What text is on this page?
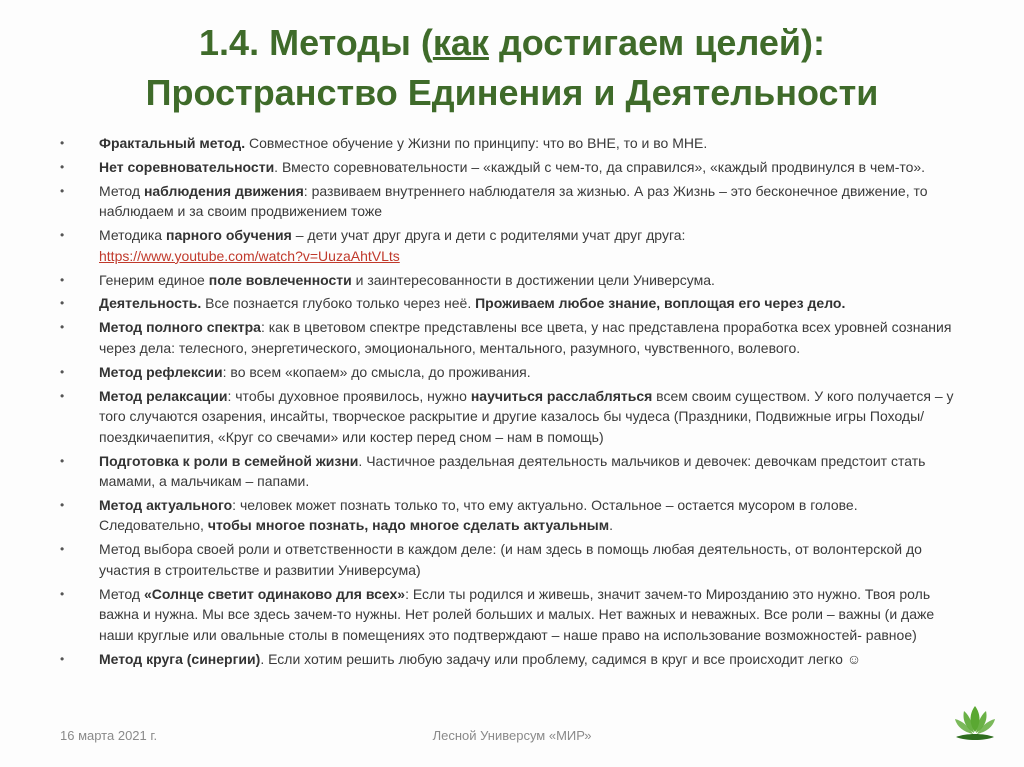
1.4. Методы (как достигаем целей):
Пространство Единения и Деятельности
• Фрактальный метод. Совместное обучение у Жизни по принципу: что во ВНЕ, то и во МНЕ.
• Нет соревновательности. Вместо соревновательности – «каждый с чем-то, да справился», «каждый продвинулся в чем-то».
• Метод наблюдения движения: развиваем внутреннего наблюдателя за жизнью. А раз Жизнь – это бесконечное движение, то наблюдаем и за своим продвижением тоже
• Методика парного обучения – дети учат друг друга и дети с родителями учат друг друга:
https://www.youtube.com/watch?v=UuzaAhtVLts
• Генерим единое поле вовлеченности и заинтересованности в достижении цели Универсума.
• Деятельность. Все познается глубоко только через неё. Проживаем любое знание, воплощая его через дело.
• Метод полного спектра: как в цветовом спектре представлены все цвета, у нас представлена проработка всех уровней сознания через дела: телесного, энергетического, эмоционального, ментального, разумного, чувственного, волевого.
• Метод рефлексии: во всем «копаем» до смысла, до проживания.
• Метод релаксации: чтобы духовное проявилось, нужно научиться расслабляться всем своим существом. У кого получается – у того случаются озарения, инсайты, творческое раскрытие и другие казалось бы чудеса (Праздники, Подвижные игры Походы/поездкичаепития, «Круг со свечами» или костер перед сном – нам в помощь)
• Подготовка к роли в семейной жизни. Частичное раздельная деятельность мальчиков и девочек: девочкам предстоит стать мамами, а мальчикам – папами.
• Метод актуального: человек может познать только то, что ему актуально. Остальное – остается мусором в голове. Следовательно, чтобы многое познать, надо многое сделать актуальным.
• Метод выбора своей роли и ответственности в каждом деле: (и нам здесь в помощь любая деятельность, от волонтерской до участия в строительстве и развитии Универсума)
• Метод «Солнце светит одинаково для всех»: Если ты родился и живешь, значит зачем-то Мирозданию это нужно. Твоя роль важна и нужна. Мы все здесь зачем-то нужны. Нет ролей больших и малых. Нет важных и неважных. Все роли – важны (и даже наши круглые или овальные столы в помещениях это подтверждают – наше право на использование возможностей- равное)
• Метод круга (синергии). Если хотим решить любую задачу или проблему, садимся в круг и все происходит легко ☺
16 марта 2021 г.	Лесной Универсум «МИР»
